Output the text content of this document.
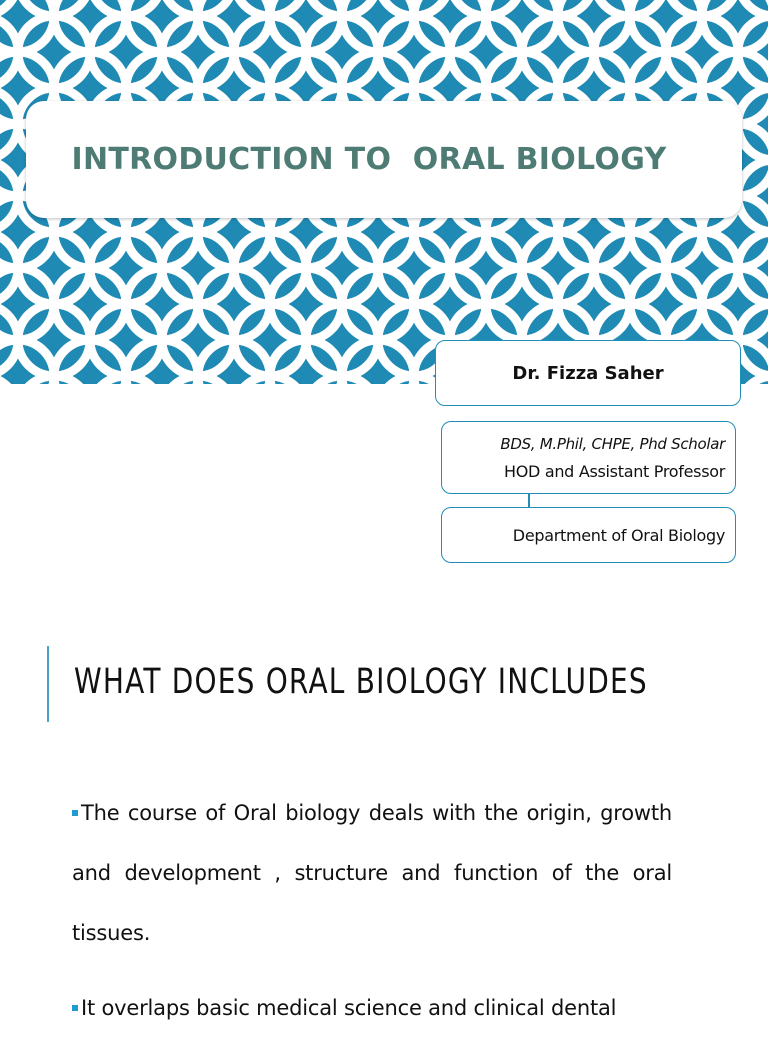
INTRODUCTION TO  ORAL BIOLOGY
Dr. Fizza Saher
BDS, M.Phil, CHPE, Phd Scholar
HOD and Assistant Professor
Department of Oral Biology
WHAT DOES ORAL BIOLOGY INCLUDES
The course of Oral biology deals with the origin, growth and development , structure and function of the oral tissues.
It overlaps basic medical science and clinical dental
